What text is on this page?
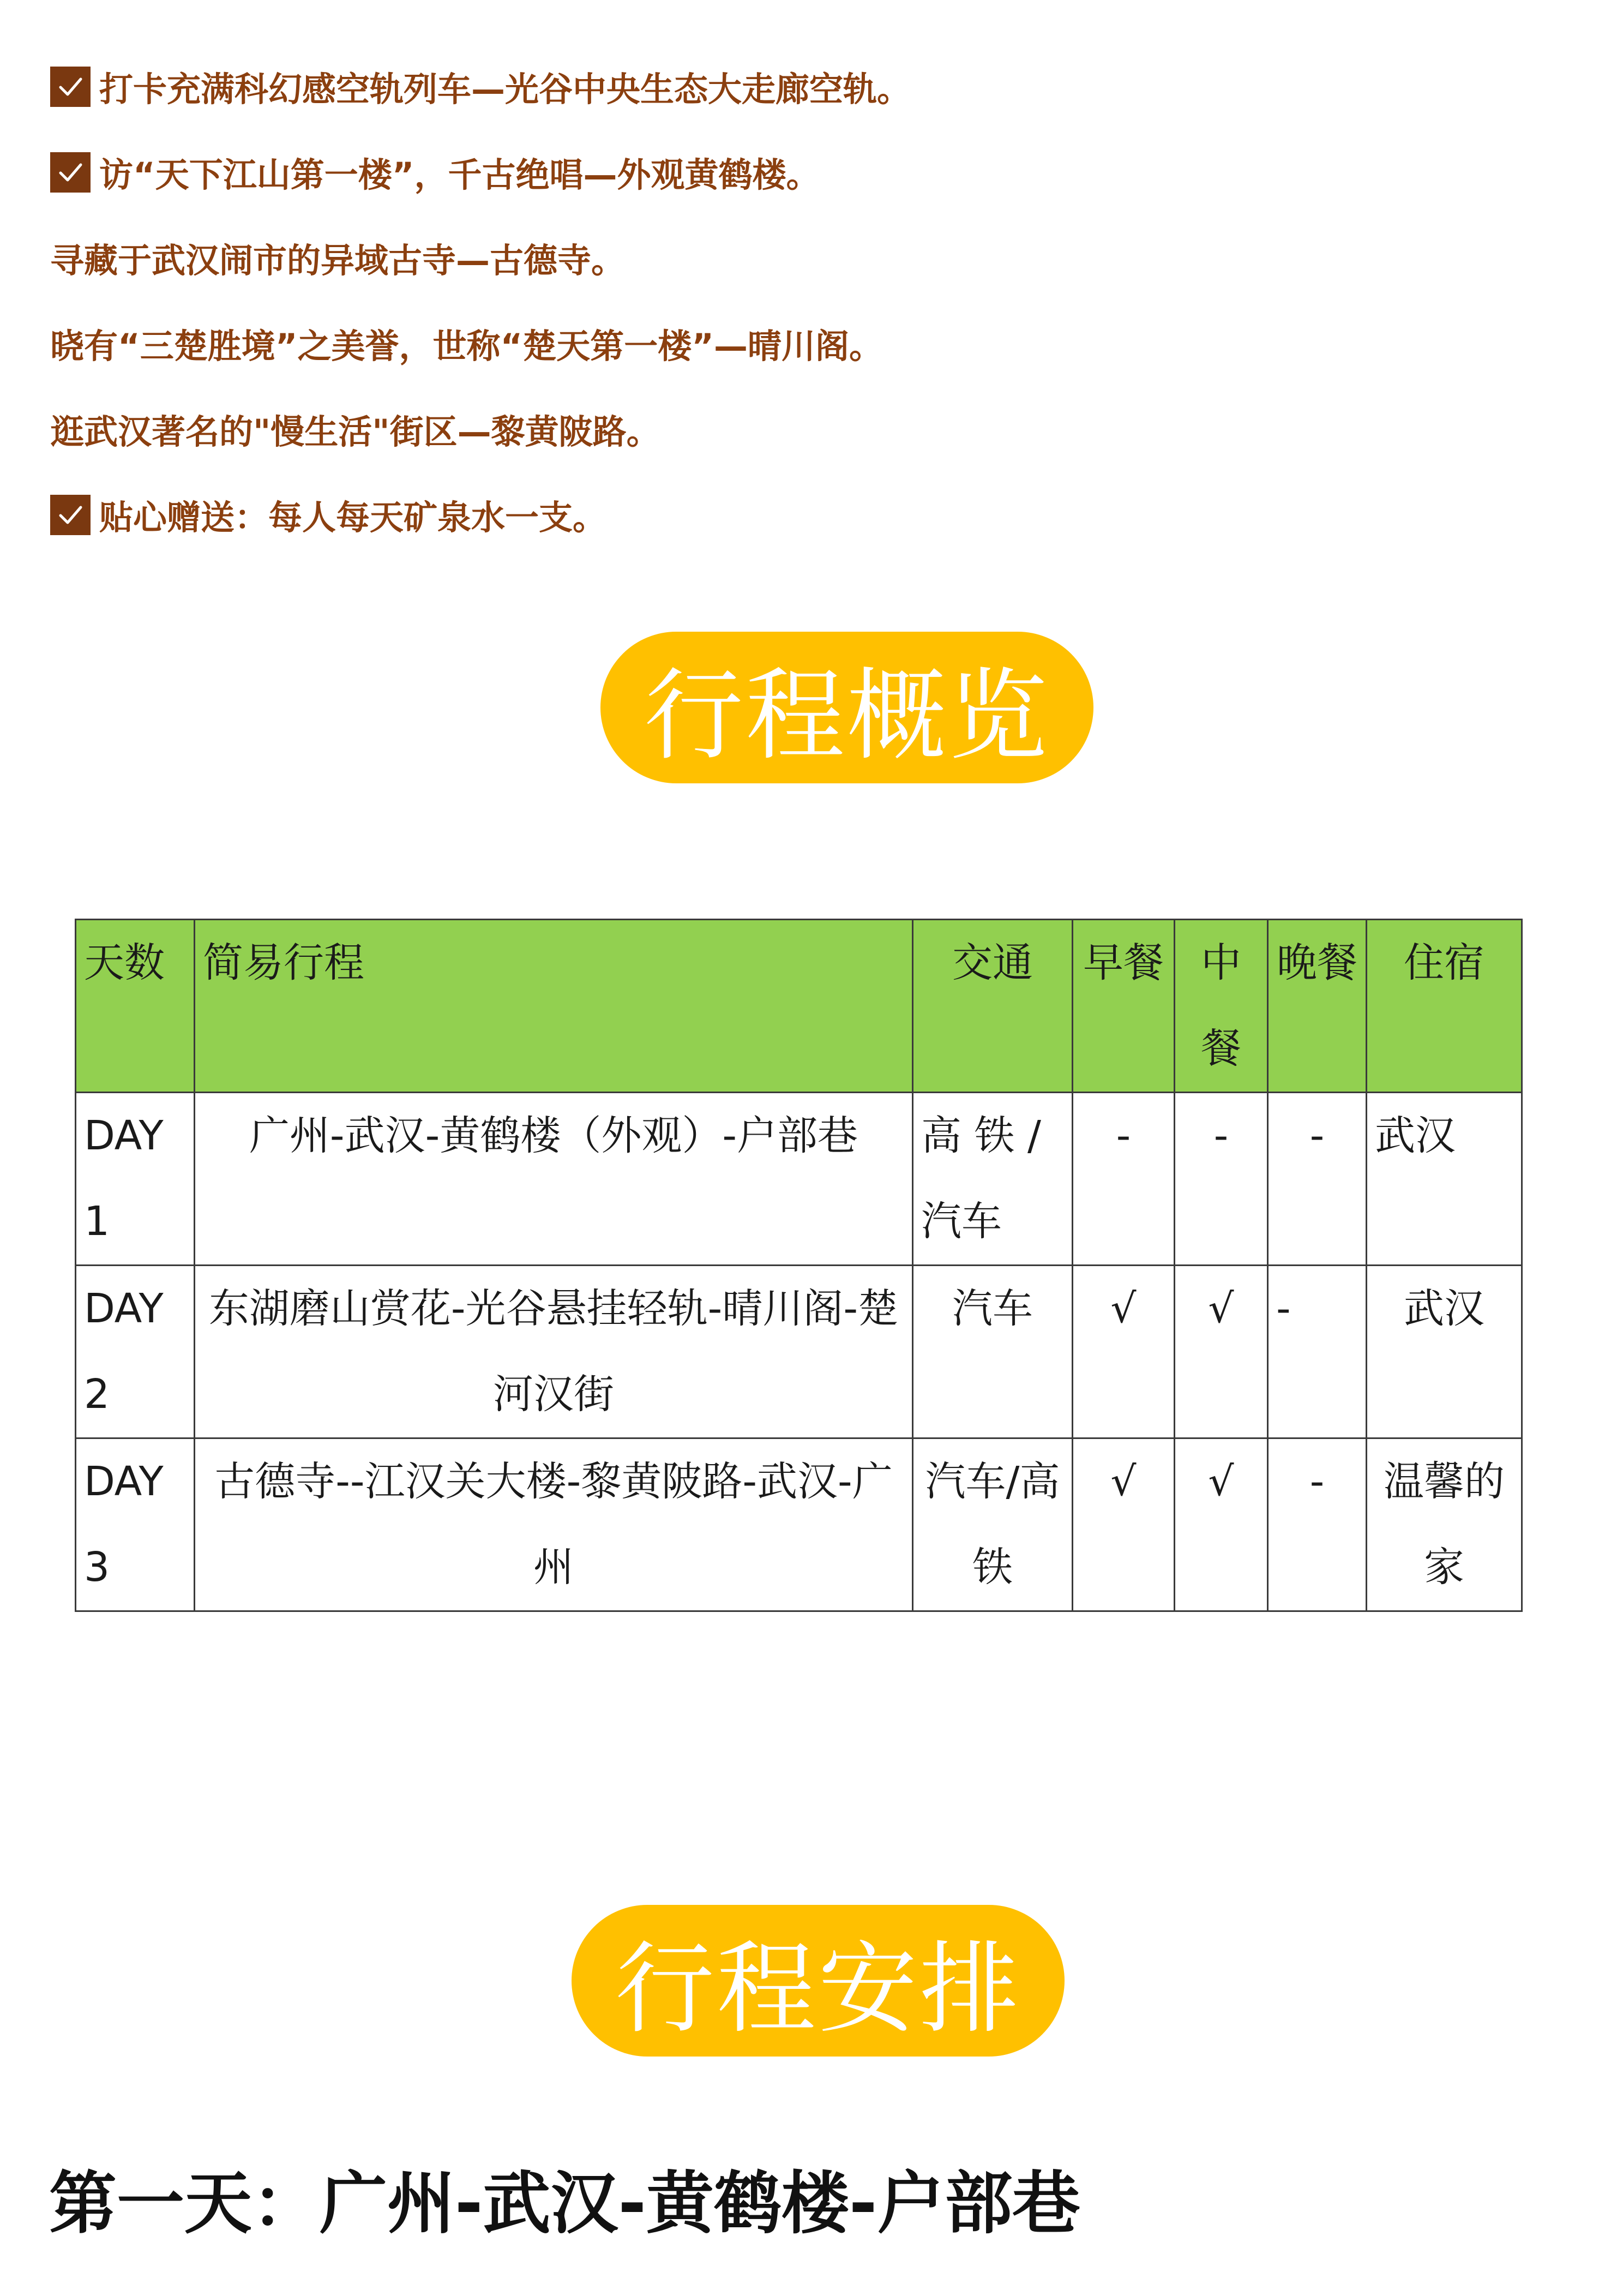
打卡充满科幻感空轨列车—光谷中央生态大走廊空轨。
访“天下江山第一楼”，千古绝唱—外观黄鹤楼。
寻藏于武汉闹市的异域古寺—古德寺。
晓有“三楚胜境”之美誉，世称“楚天第一楼”—晴川阁。
逛武汉著名的"慢生活"街区—黎黄陂路。
贴心赠送：每人每天矿泉水一支。
行程概览
天数	简易行程	交通	早餐	中餐	晚餐	住宿
DAY1	广州-武汉-黄鹤楼（外观）-户部巷	高 铁 / 汽车	-	-	-	武汉
DAY2	东湖磨山赏花-光谷悬挂轻轨-晴川阁-楚河汉街	汽车	√	√	-	武汉
DAY3	古德寺--江汉关大楼-黎黄陂路-武汉-广州	汽车/高铁	√	√	-	温馨的家
行程安排
第一天：广州-武汉-黄鹤楼-户部巷
